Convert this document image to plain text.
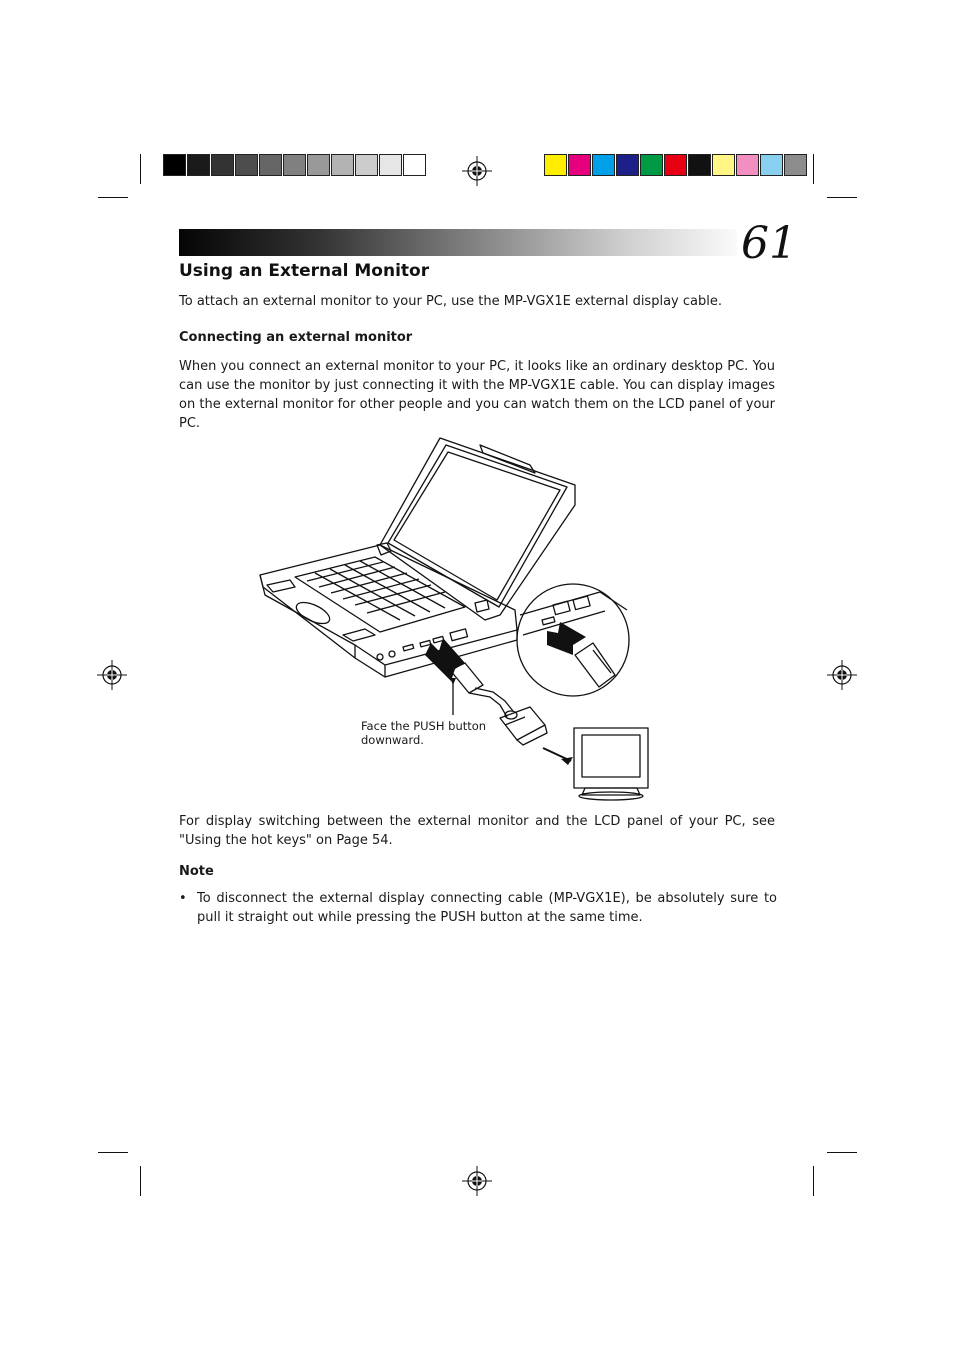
61
Using an External Monitor

To attach an external monitor to your PC, use the MP-VGX1E external display cable.

Connecting an external monitor

When you connect an external monitor to your PC, it looks like an ordinary desktop PC. You can use the monitor by just connecting it with the MP-VGX1E cable. You can display images on the external monitor for other people and you can watch them on the LCD panel of your PC.

Face the PUSH button downward.

For display switching between the external monitor and the LCD panel of your PC, see "Using the hot keys" on Page 54.

Note

• To disconnect the external display connecting cable (MP-VGX1E), be absolutely sure to pull it straight out while pressing the PUSH button at the same time.
